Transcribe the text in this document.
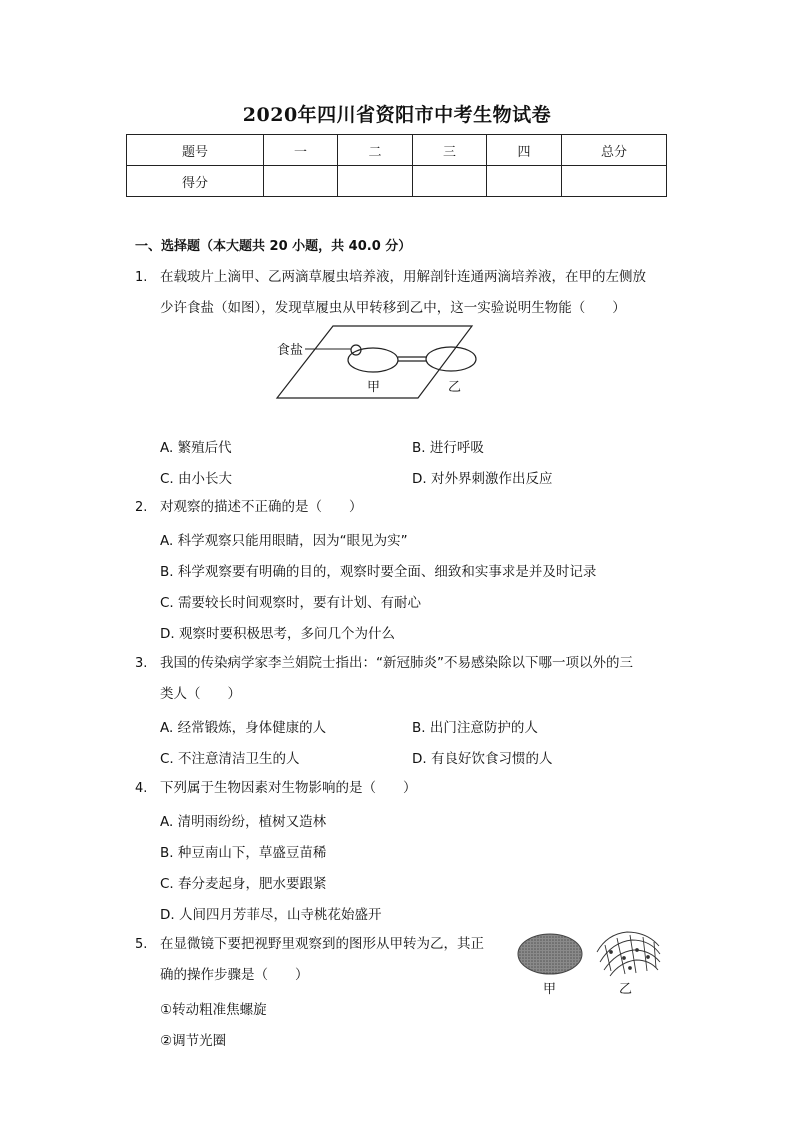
2020年四川省资阳市中考生物试卷
题号	一	二	三	四	总分
得分					
一、选择题（本大题共 20 小题，共 40.0 分）
1. 在载玻片上滴甲、乙两滴草履虫培养液，用解剖针连通两滴培养液，在甲的左侧放
少许食盐（如图），发现草履虫从甲转移到乙中，这一实验说明生物能（　　）
食盐
甲	乙
A. 繁殖后代	B. 进行呼吸
C. 由小长大	D. 对外界刺激作出反应
2. 对观察的描述不正确的是（　　）
A. 科学观察只能用眼睛，因为“眼见为实”
B. 科学观察要有明确的目的，观察时要全面、细致和实事求是并及时记录
C. 需要较长时间观察时，要有计划、有耐心
D. 观察时要积极思考，多问几个为什么
3. 我国的传染病学家李兰娟院士指出：“新冠肺炎”不易感染除以下哪一项以外的三
类人（　　）
A. 经常锻炼，身体健康的人	B. 出门注意防护的人
C. 不注意清洁卫生的人	D. 有良好饮食习惯的人
4. 下列属于生物因素对生物影响的是（　　）
A. 清明雨纷纷，植树又造林
B. 种豆南山下，草盛豆苗稀
C. 春分麦起身，肥水要跟紧
D. 人间四月芳菲尽，山寺桃花始盛开
5. 在显微镜下要把视野里观察到的图形从甲转为乙，其正
确的操作步骤是（　　）
①转动粗准焦螺旋
②调节光圈
甲	乙
